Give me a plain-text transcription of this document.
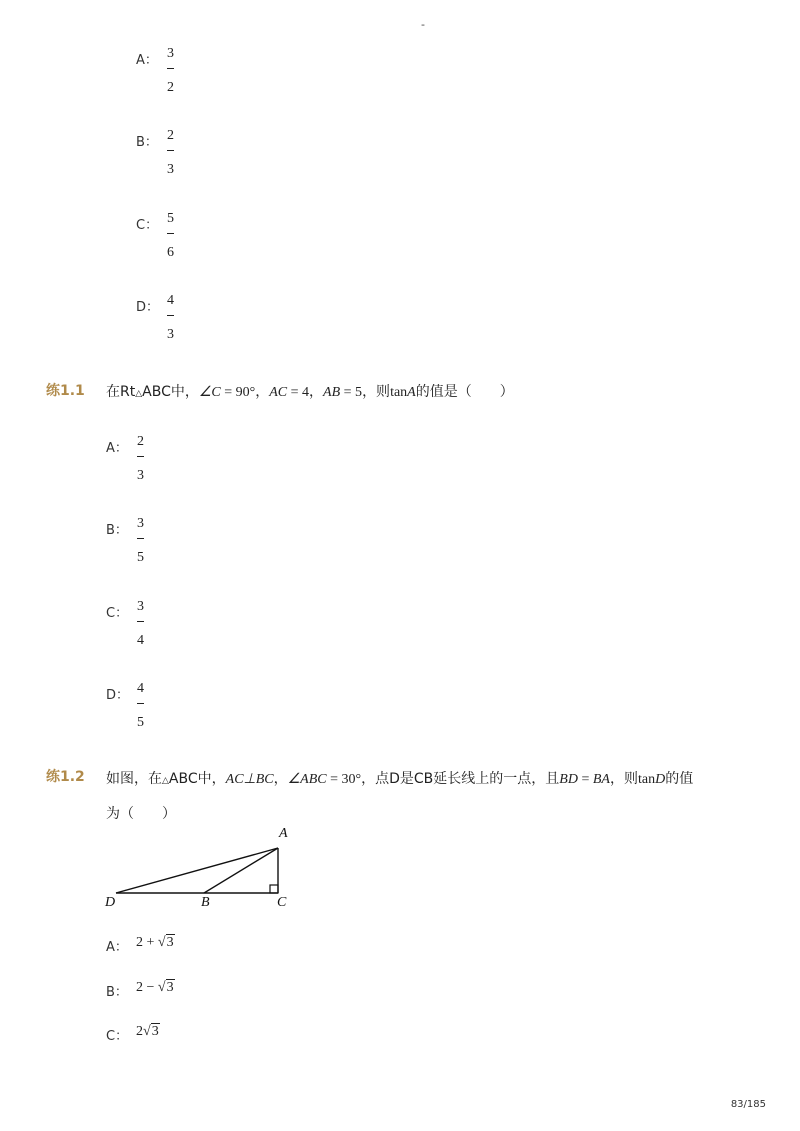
-
A： 3
2
B： 2
3
C： 5
6
D： 4
3
练1.1 在Rt△ABC中，∠C = 90°，AC = 4，AB = 5，则tanA的值是（　　）
A： 2
3
B： 3
5
C： 3
4
D： 4
5
练1.2 如图，在△ABC中，AC⊥BC，∠ABC = 30°，点D是CB延长线上的一点，且BD = BA，则tanD的值
为（　　）
A
D	B	C
A： 2 + √3
B： 2 − √3
C： 2√3
83/185
